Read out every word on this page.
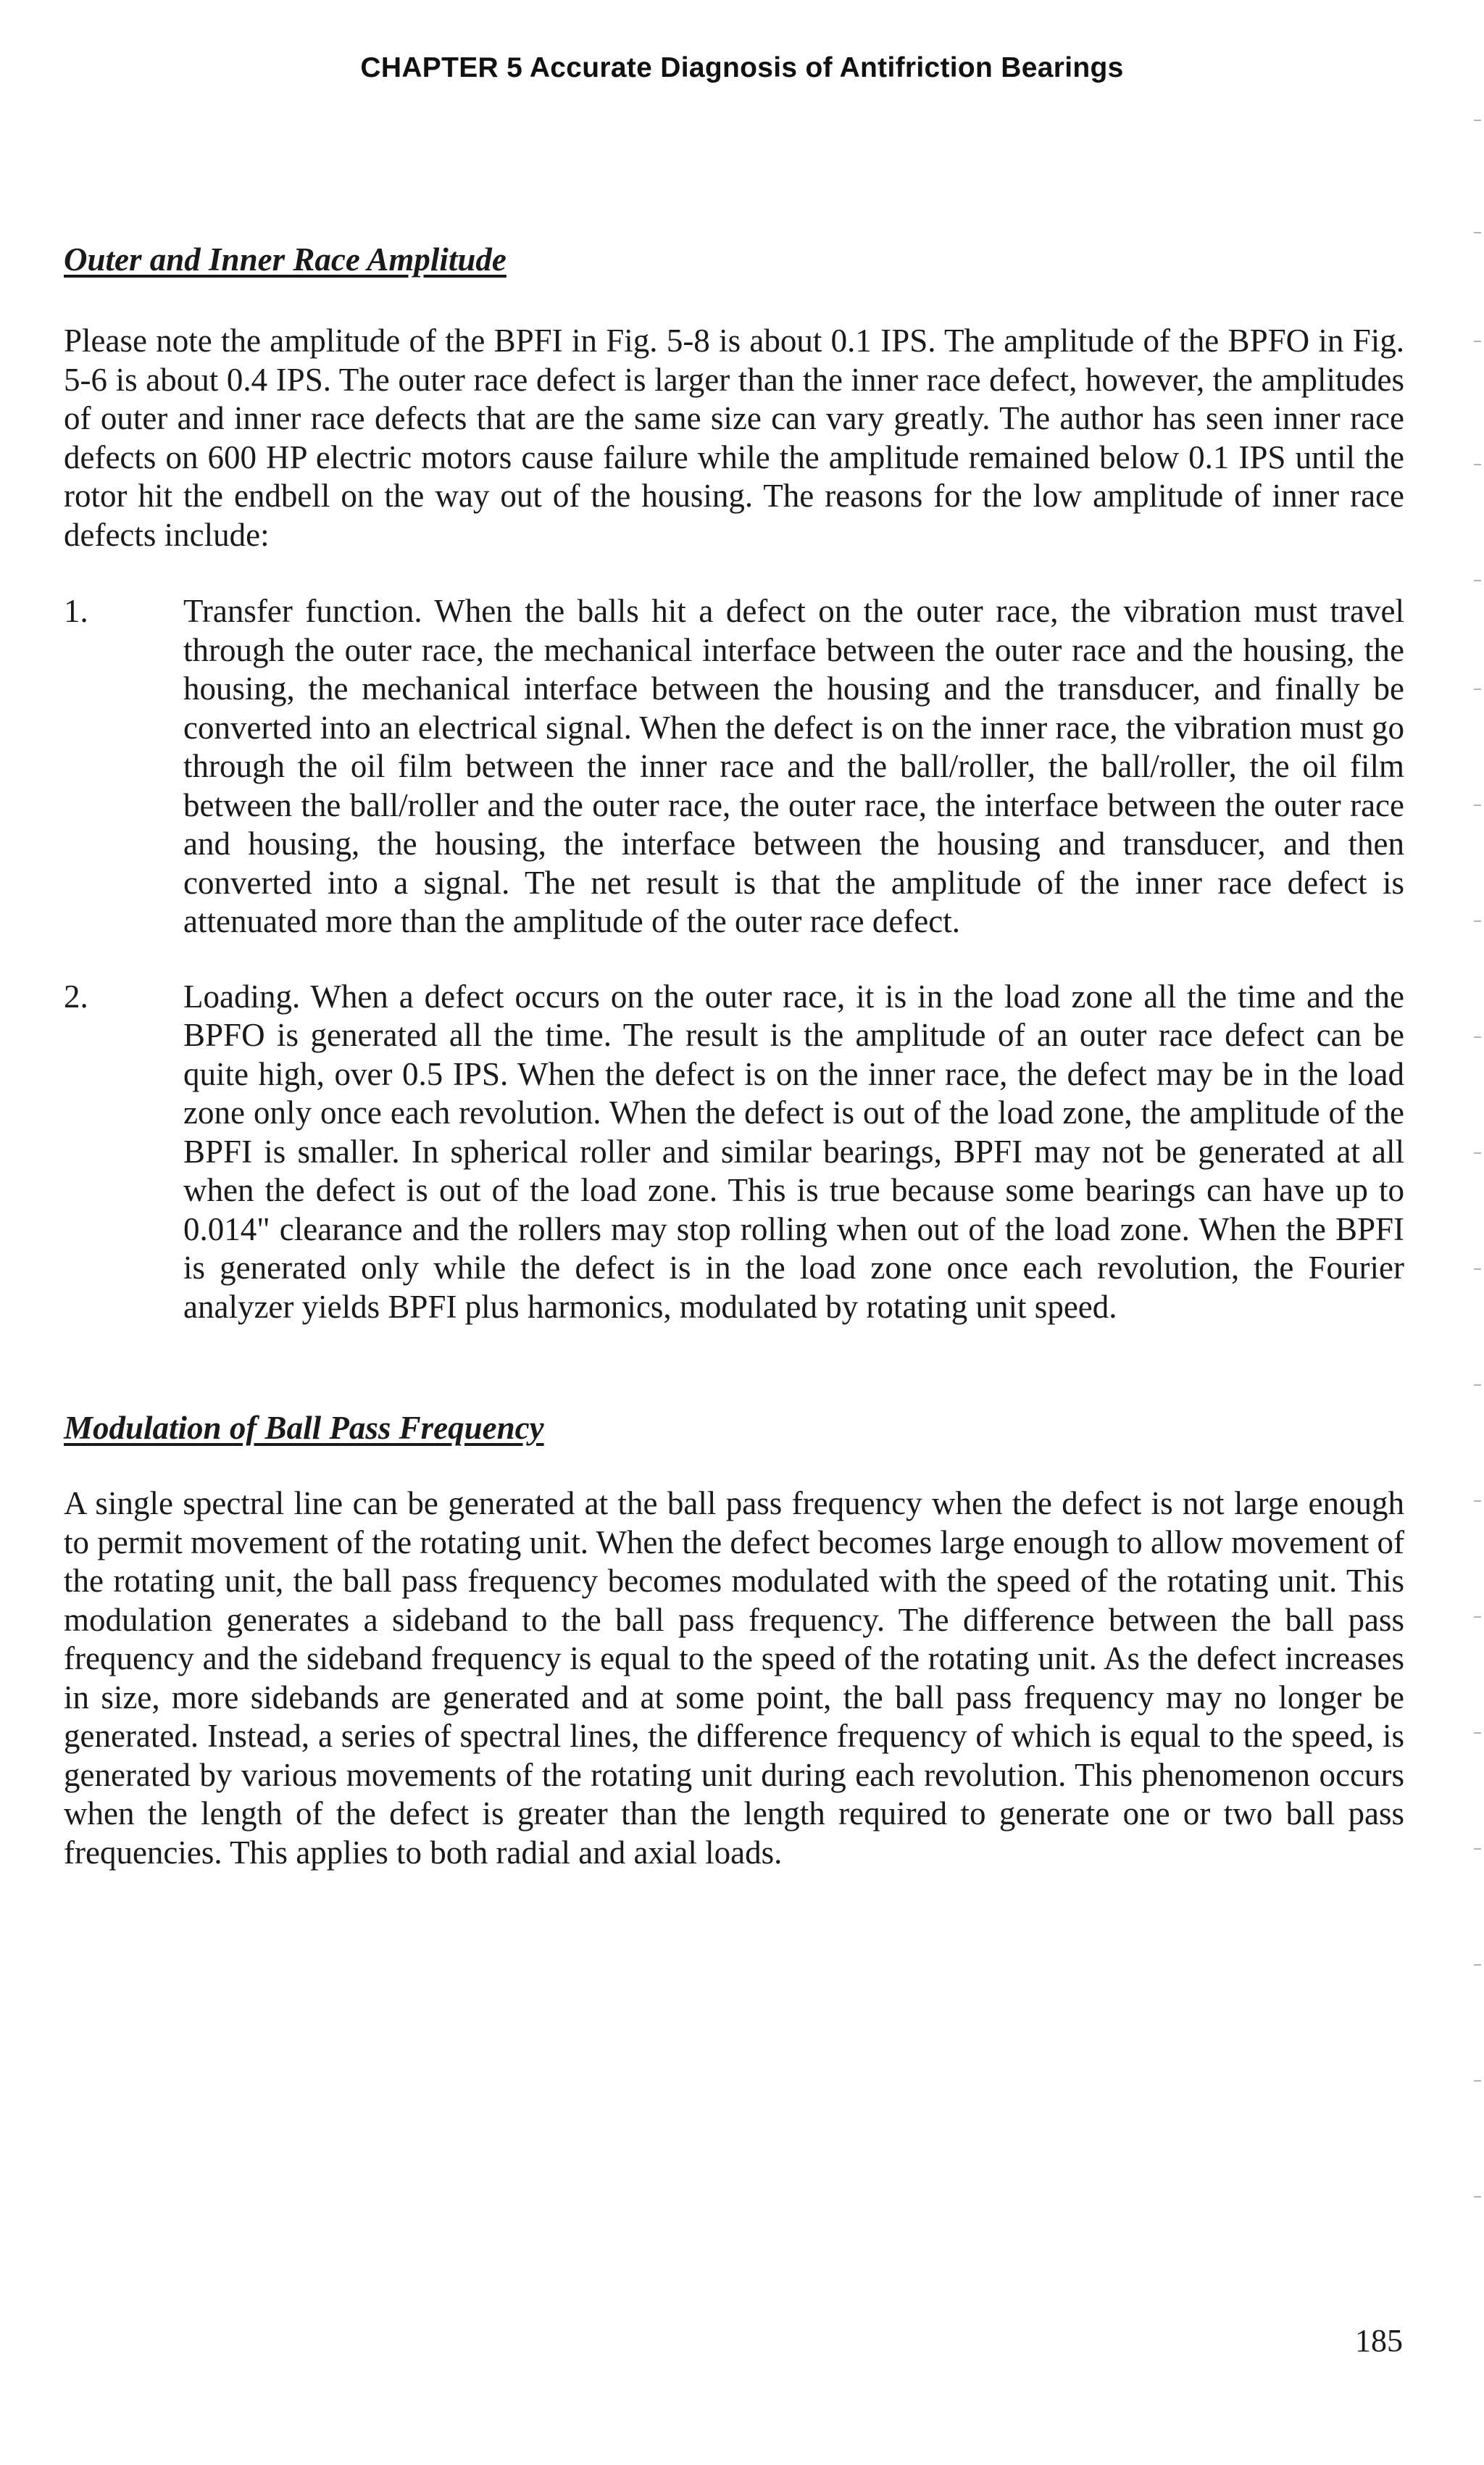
CHAPTER 5 Accurate Diagnosis of Antifriction Bearings
Outer and Inner Race Amplitude

Please note the amplitude of the BPFI in Fig. 5-8 is about 0.1 IPS. The amplitude of the BPFO in Fig. 5-6 is about 0.4 IPS. The outer race defect is larger than the inner race defect, however, the amplitudes of outer and inner race defects that are the same size can vary greatly. The author has seen inner race defects on 600 HP electric motors cause failure while the amplitude remained below 0.1 IPS until the rotor hit the endbell on the way out of the housing. The reasons for the low amplitude of inner race defects include:

1.	Transfer function. When the balls hit a defect on the outer race, the vibration must travel through the outer race, the mechanical interface between the outer race and the housing, the housing, the mechanical interface between the housing and the transducer, and finally be converted into an electrical signal. When the defect is on the inner race, the vibration must go through the oil film between the inner race and the ball/roller, the ball/roller, the oil film between the ball/roller and the outer race, the outer race, the interface between the outer race and housing, the housing, the interface between the housing and transducer, and then converted into a signal. The net result is that the amplitude of the inner race defect is attenuated more than the amplitude of the outer race defect.

2.	Loading. When a defect occurs on the outer race, it is in the load zone all the time and the BPFO is generated all the time. The result is the amplitude of an outer race defect can be quite high, over 0.5 IPS. When the defect is on the inner race, the defect may be in the load zone only once each revolution. When the defect is out of the load zone, the amplitude of the BPFI is smaller. In spherical roller and similar bearings, BPFI may not be generated at all when the defect is out of the load zone. This is true because some bearings can have up to 0.014" clearance and the rollers may stop rolling when out of the load zone. When the BPFI is generated only while the defect is in the load zone once each revolution, the Fourier analyzer yields BPFI plus harmonics, modulated by rotating unit speed.

Modulation of Ball Pass Frequency

A single spectral line can be generated at the ball pass frequency when the defect is not large enough to permit movement of the rotating unit. When the defect becomes large enough to allow movement of the rotating unit, the ball pass frequency becomes modulated with the speed of the rotating unit. This modulation generates a sideband to the ball pass frequency. The difference between the ball pass frequency and the sideband frequency is equal to the speed of the rotating unit. As the defect increases in size, more sidebands are generated and at some point, the ball pass frequency may no longer be generated. Instead, a series of spectral lines, the difference frequency of which is equal to the speed, is generated by various movements of the rotating unit during each revolution. This phenomenon occurs when the length of the defect is greater than the length required to generate one or two ball pass frequencies. This applies to both radial and axial loads.

185
